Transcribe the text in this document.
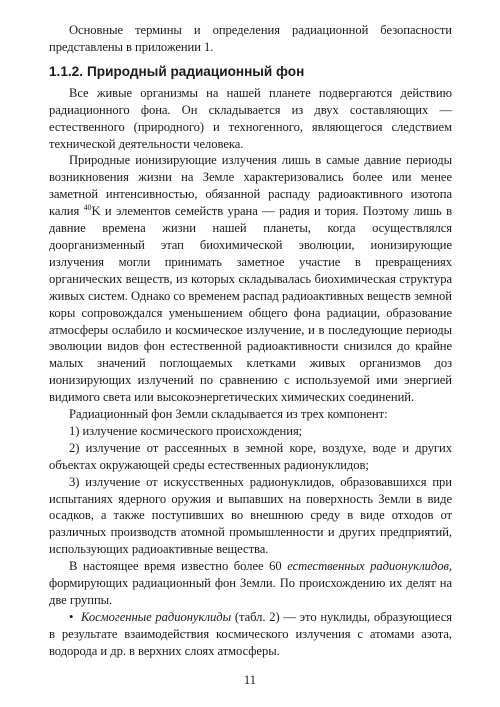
Основные термины и определения радиационной безопасности представлены в приложении 1.

1.1.2. Природный радиационный фон

Все живые организмы на нашей планете подвергаются действию радиационного фона. Он складывается из двух составляющих — естественного (природного) и техногенного, являющегося следствием технической деятельности человека.

Природные ионизирующие излучения лишь в самые давние периоды возникновения жизни на Земле характеризовались более или менее заметной интенсивностью, обязанной распаду радиоактивного изотопа калия $^{40}$K и элементов семейств урана — радия и тория. Поэтому лишь в давние времена жизни нашей планеты, когда осуществлялся доорганизменный этап биохимической эволюции, ионизирующие излучения могли принимать заметное участие в превращениях органических веществ, из которых складывалась биохимическая структура живых систем. Однако со временем распад радиоактивных веществ земной коры сопровождался уменьшением общего фона радиации, образование атмосферы ослабило и космическое излучение, и в последующие периоды эволюции видов фон естественной радиоактивности снизился до крайне малых значений поглощаемых клетками живых организмов доз ионизирующих излучений по сравнению с используемой ими энергией видимого света или высокоэнергетических химических соединений.

Радиационный фон Земли складывается из трех компонент:

1) излучение космического происхождения;

2) излучение от рассеянных в земной коре, воздухе, воде и других объектах окружающей среды естественных радионуклидов;

3) излучение от искусственных радионуклидов, образовавшихся при испытаниях ядерного оружия и выпавших на поверхность Земли в виде осадков, а также поступивших во внешнюю среду в виде отходов от различных производств атомной промышленности и других предприятий, использующих радиоактивные вещества.

В настоящее время известно более 60 естественных радионуклидов, формирующих радиационный фон Земли. По происхождению их делят на две группы.

• Космогенные радионуклиды (табл. 2) — это нуклиды, образующиеся в результате взаимодействия космического излучения с атомами азота, водорода и др. в верхних слоях атмосферы.

11
